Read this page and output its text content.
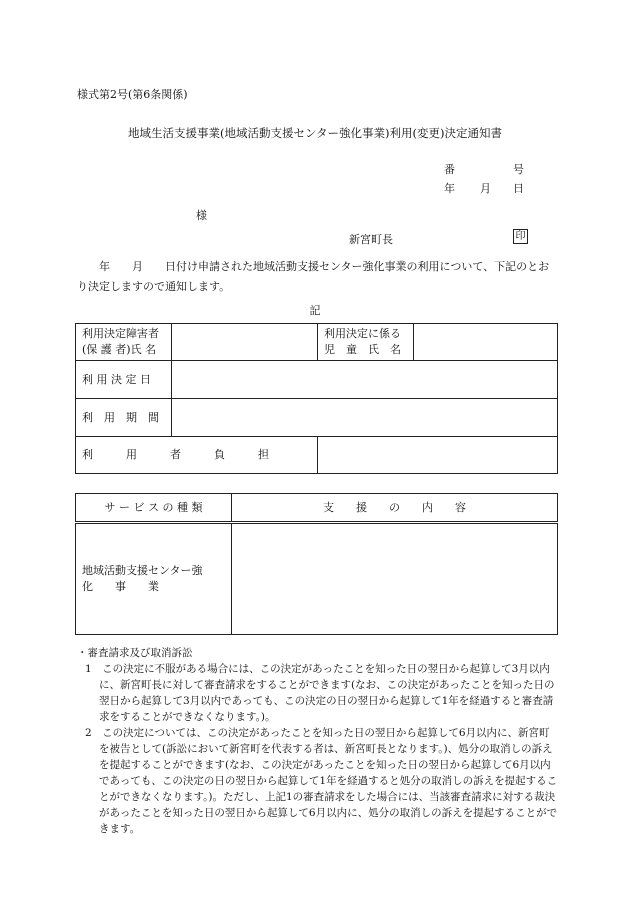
様式第2号(第6条関係)
地域生活支援事業(地域活動支援センター強化事業)利用(変更)決定通知書
番	号
年 月 日
様
新宮町長	印
　　年　　月　　日付け申請された地域活動支援センター強化事業の利用について、下記のとおり決定しますので通知します。
記
利用決定障害者(保 護 者)氏 名		利用決定に係る児　童　氏　名	
利 用 決 定 日			
利　用　期　間			
利　　　用　　　者　　　負　　　担			
サ ー ビ ス の 種 類	支　　援　　の　　内　　容
地域活動支援センター強　　化　　事　　業	
・審査請求及び取消訴訟
1　この決定に不服がある場合には、この決定があったことを知った日の翌日から起算して3月以内に、新宮町長に対して審査請求をすることができます(なお、この決定があったことを知った日の翌日から起算して3月以内であっても、この決定の日の翌日から起算して1年を経過すると審査請求をすることができなくなります。)。
2　この決定については、この決定があったことを知った日の翌日から起算して6月以内に、新宮町を被告として(訴訟において新宮町を代表する者は、新宮町長となります。)、処分の取消しの訴えを提起することができます(なお、この決定があったことを知った日の翌日から起算して6月以内であっても、この決定の日の翌日から起算して1年を経過すると処分の取消しの訴えを提起することができなくなります。)。ただし、上記1の審査請求をした場合には、当該審査請求に対する裁決があったことを知った日の翌日から起算して6月以内に、処分の取消しの訴えを提起することができます。
